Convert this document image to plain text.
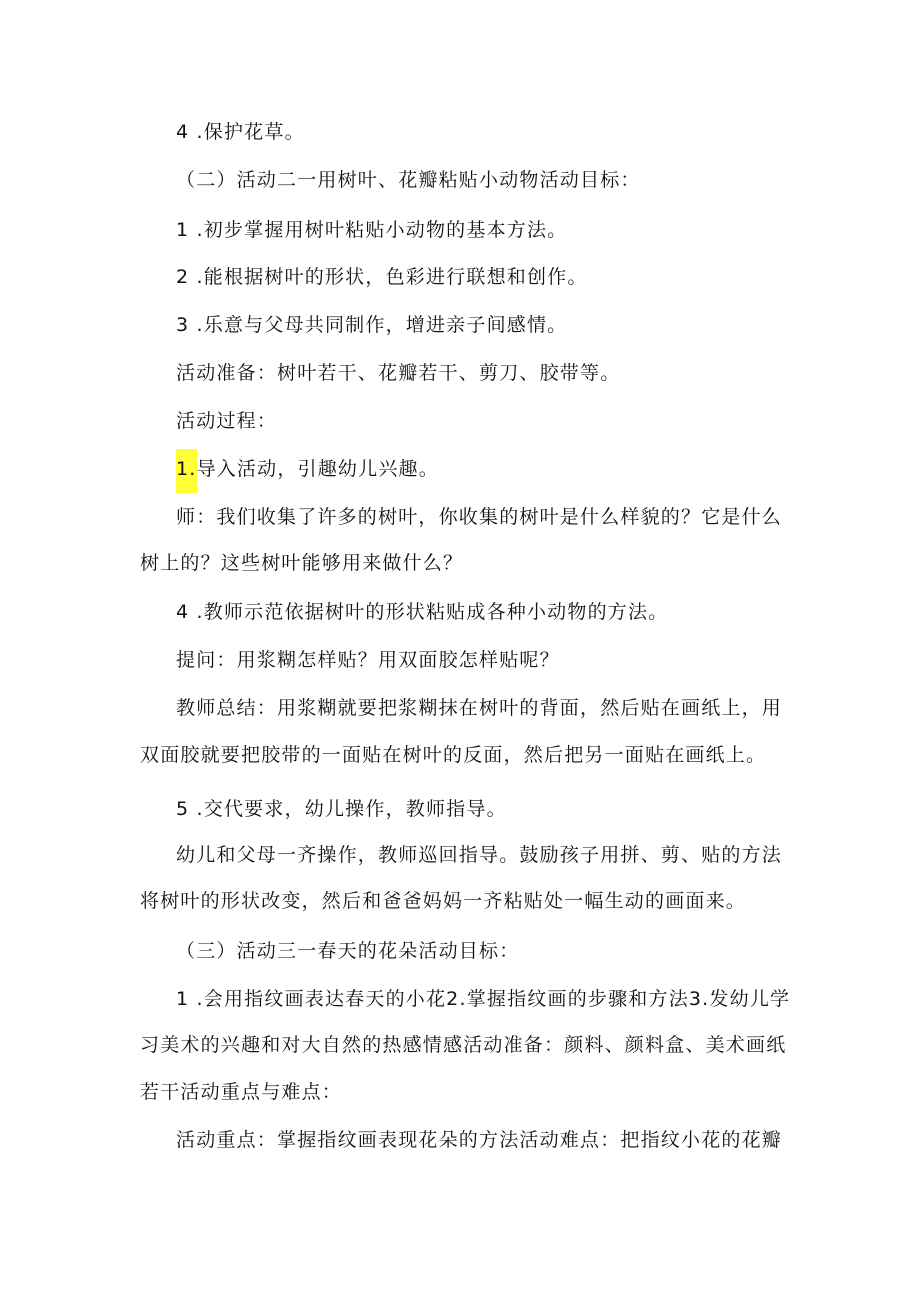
4 .保护花草。
（二）活动二一用树叶、花瓣粘贴小动物活动目标：
1 .初步掌握用树叶粘贴小动物的基本方法。
2 .能根据树叶的形状，色彩进行联想和创作。
3 .乐意与父母共同制作，增进亲子间感情。
活动准备：树叶若干、花瓣若干、剪刀、胶带等。
活动过程：
1.导入活动，引趣幼儿兴趣。
师：我们收集了许多的树叶，你收集的树叶是什么样貌的？它是什么
树上的？这些树叶能够用来做什么？
4 .教师示范依据树叶的形状粘贴成各种小动物的方法。
提问：用浆糊怎样贴？用双面胶怎样贴呢？
教师总结：用浆糊就要把浆糊抹在树叶的背面，然后贴在画纸上，用
双面胶就要把胶带的一面贴在树叶的反面，然后把另一面贴在画纸上。
5 .交代要求，幼儿操作，教师指导。
幼儿和父母一齐操作，教师巡回指导。鼓励孩子用拼、剪、贴的方法
将树叶的形状改变，然后和爸爸妈妈一齐粘贴处一幅生动的画面来。
（三）活动三一春天的花朵活动目标：
1 .会用指纹画表达春天的小花2.掌握指纹画的步骤和方法3.发幼儿学
习美术的兴趣和对大自然的热感情感活动准备：颜料、颜料盒、美术画纸
若干活动重点与难点：
活动重点：掌握指纹画表现花朵的方法活动难点：把指纹小花的花瓣
